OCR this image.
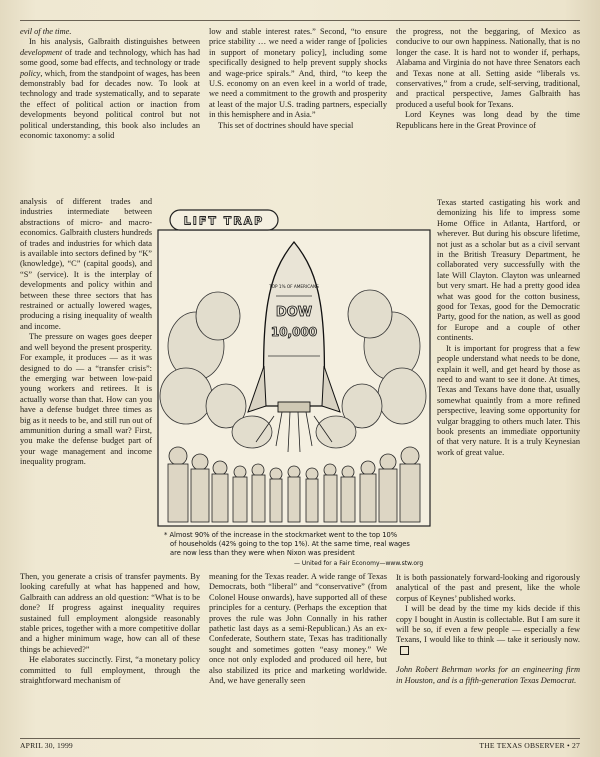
evil of the time.

In his analysis, Galbraith distinguishes between development of trade and technology, which has had some good, some bad effects, and technology or trade policy, which, from the standpoint of wages, has been demonstrably bad for decades now. To look at technology and trade systematically, and to separate the effect of political action or inaction from developments beyond political control but not political understanding, this book also includes an economic taxonomy: a solid

analysis of different trades and industries intermediate between abstractions of micro- and macro-economics. Galbraith clusters hundreds of trades and industries for which data is available into sectors defined by “K” (knowledge), “C” (capital goods), and “S” (service). It is the interplay of developments and policy within and between these three sectors that has restrained or actually lowered wages, producing a rising inequality of wealth and income.

The pressure on wages goes deeper and well beyond the present prosperity. For example, it produces — as it was designed to do — a “transfer crisis”: the emerging war between low-paid young workers and retirees. It is actually worse than that. How can you have a defense budget three times as big as it needs to be, and still run out of ammunition during a small war? First, you make the defense budget part of your wage management and income inequality program.

Then, you generate a crisis of transfer payments. By looking carefully at what has happened and how, Galbraith can address an old question: “What is to be done? If progress against inequality requires sustained full employment alongside reasonably stable prices, together with a more competitive dollar and a higher minimum wage, how can all of these things be achieved?”

He elaborates succinctly. First, “a monetary policy committed to full employment, through the straightforward mechanism of

low and stable interest rates.” Second, “to ensure price stability … we need a wider range of [policies in support of monetary policy], including some specifically designed to help prevent supply shocks and wage-price spirals.” And, third, “to keep the U.S. economy on an even keel in a world of trade, we need a commitment to the growth and prosperity at least of the major U.S. trading partners, especially in this hemisphere and in Asia.”

This set of doctrines should have special

meaning for the Texas reader. A wide range of Texas Democrats, both “liberal” and “conservative” (from Colonel House onwards), have supported all of these principles for a century. (Perhaps the exception that proves the rule was John Connally in his rather pathetic last days as a semi-Republican.) As an ex-Confederate, Southern state, Texas has traditionally sought and sometimes gotten “easy money.” We once not only exploded and produced oil here, but also stabilized its price and marketing worldwide. And, we have generally seen

the progress, not the beggaring, of Mexico as conducive to our own happiness. Nationally, that is no longer the case. It is hard not to wonder if, perhaps, Alabama and Virginia do not have three Senators each and Texas none at all. Setting aside “liberals vs. conservatives,” from a crude, self-serving, traditional, and practical perspective, James Galbraith has produced a useful book for Texans.

Lord Keynes was long dead by the time Republicans here in the Great Province of

Texas started castigating his work and demonizing his life to impress some Home Office in Atlanta, Hartford, or wherever. But during his obscure lifetime, not just as a scholar but as a civil servant in the British Treasury Department, he collaborated very successfully with the late Will Clayton. Clayton was unlearned but very smart. He had a pretty good idea what was good for the cotton business, good for Texas, good for the Democratic Party, good for the nation, as well as good for Europe and a couple of other continents.

It is important for progress that a few people understand what needs to be done, explain it well, and get heard by those as need to and want to see it done. At times, Texas and Texans have done that, usually somewhat quaintly from a more refined perspective, leaving some opportunity for vulgar bragging to others much later. This book presents an immediate opportunity of that very nature. It is a truly Keynesian work of great value.

It is both passionately forward-looking and rigorously analytical of the past and present, like the whole corpus of Keynes’ published works.

I will be dead by the time my kids decide if this copy I bought in Austin is collectable. But I am sure it will be so, if even a few people — especially a few Texans, I would like to think — take it seriously now.

John Robert Behrman works for an engineering firm in Houston, and is a fifth-generation Texas Democrat.

LIFT TRAP
TOP 1% OF AMERICANS
DOW
10,000
* Almost 90% of the increase in the stockmarket went to the top 10%
of households (42% going to the top 1%). At the same time, real wages
are now less than they were when Nixon was president
— United for a Fair Economy—www.stw.org
APRIL 30, 1999	THE TEXAS OBSERVER • 27
